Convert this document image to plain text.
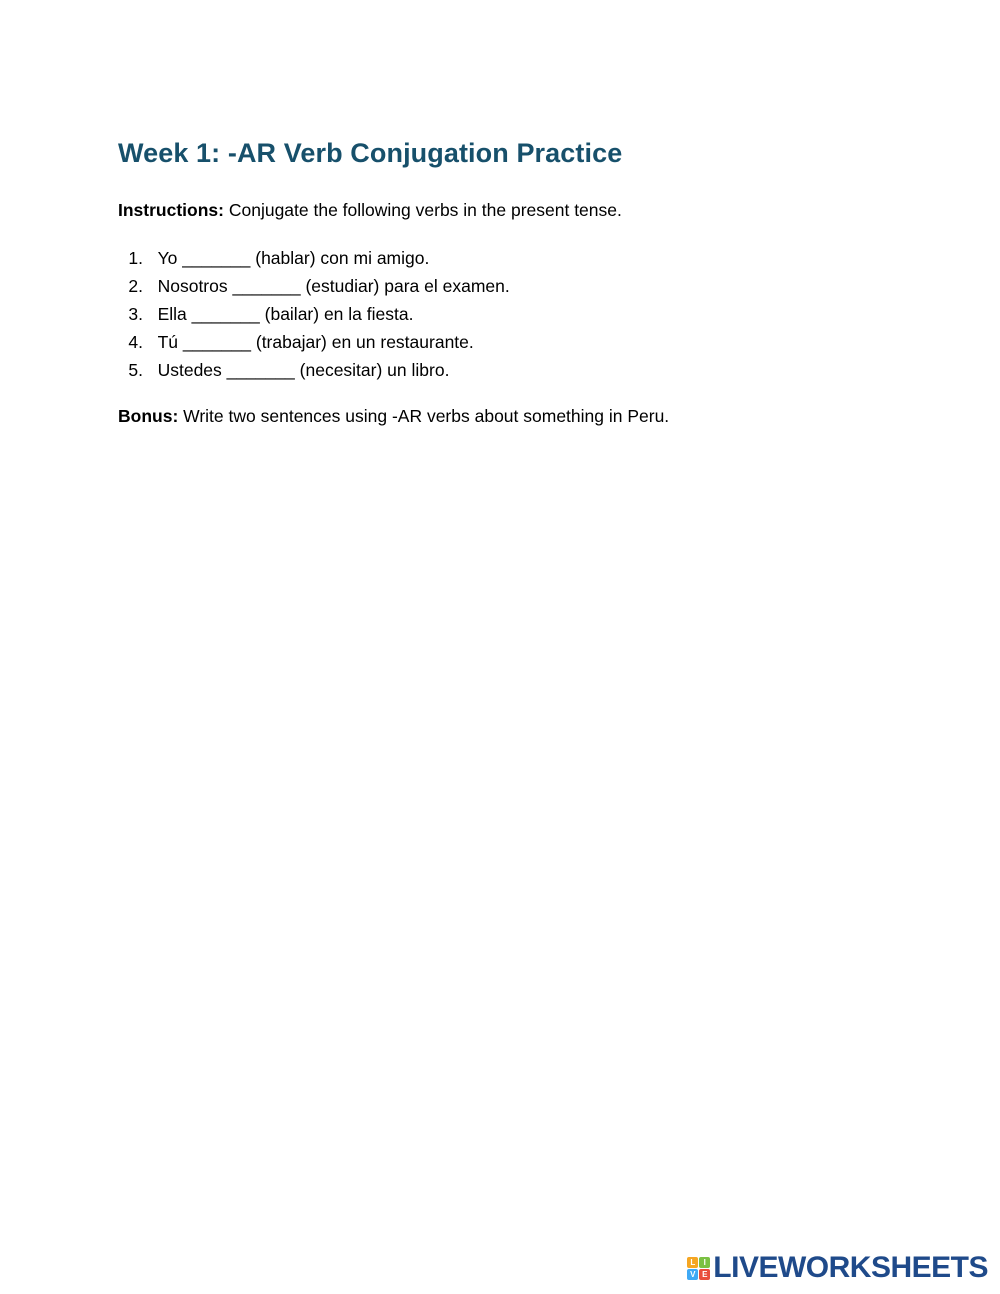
Week 1: -AR Verb Conjugation Practice

Instructions: Conjugate the following verbs in the present tense.

1. Yo _______ (hablar) con mi amigo.
2. Nosotros _______ (estudiar) para el examen.
3. Ella _______ (bailar) en la fiesta.
4. Tú _______ (trabajar) en un restaurante.
5. Ustedes _______ (necesitar) un libro.

Bonus: Write two sentences using -AR verbs about something in Peru.

L	I
V E LIVEWORKSHEETS
